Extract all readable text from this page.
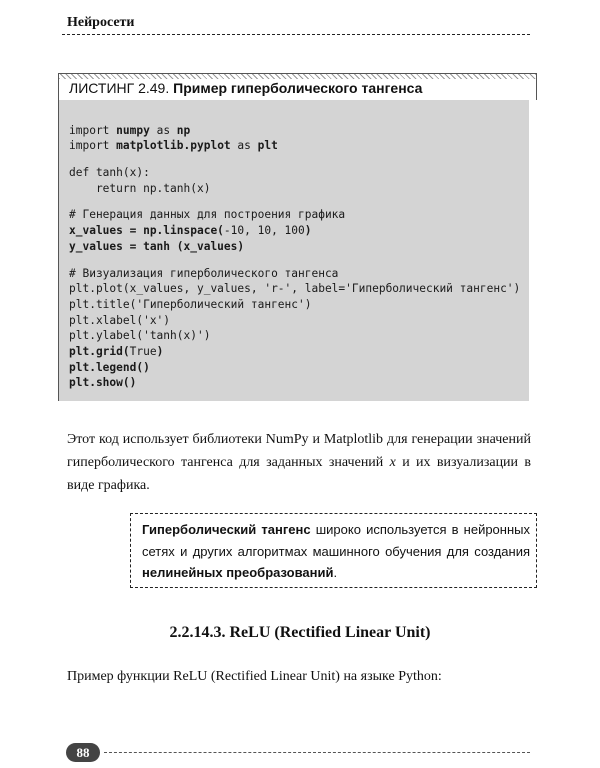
Нейросети
ЛИСТИНГ 2.49. Пример гиперболического тангенса

import numpy as np
import matplotlib.pyplot as plt
def tanh(x):
return np.tanh(x)
# Генерация данных для построения графика
x_values = np.linspace(-10, 10, 100)
y_values = tanh (x_values)
# Визуализация гиперболического тангенса
plt.plot(x_values, y_values, 'r-', label='Гиперболический тангенс')
plt.title('Гиперболический тангенс')
plt.xlabel('x')
plt.ylabel('tanh(x)')
plt.grid(True)
plt.legend()
plt.show()
Этот код использует библиотеки NumPy и Matplotlib для генерации значений
гиперболического тангенса для заданных значений x и их визуализации в
виде графика.
Гиперболический тангенс широко используется в нейронных
сетях и других алгоритмах машинного обучения для создания
нелинейных преобразований.
2.2.14.3. ReLU (Rectified Linear Unit)
Пример функции ReLU (Rectified Linear Unit) на языке Python:
88
